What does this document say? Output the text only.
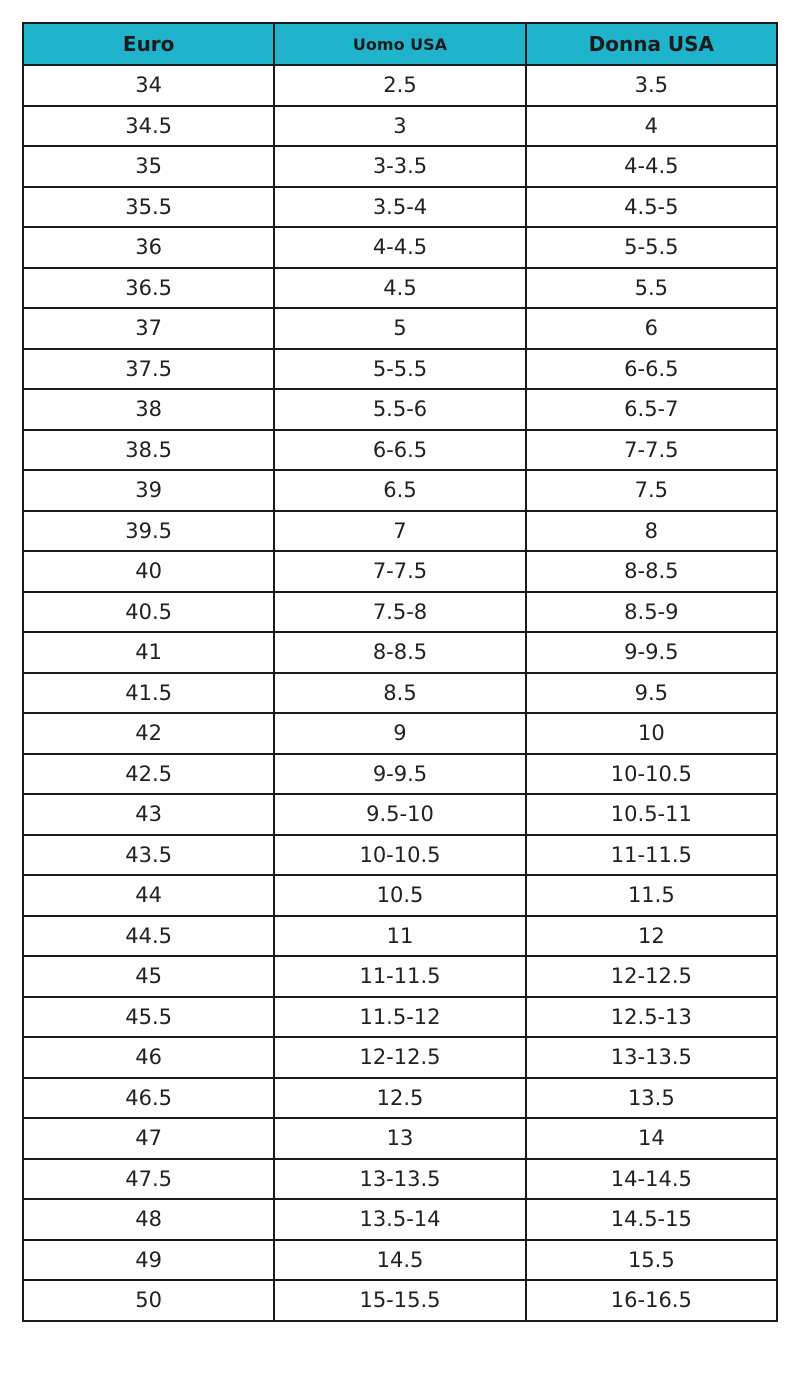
Euro	Uomo USA	Donna USA
34	2.5	3.5
34.5	3	4
35	3-3.5	4-4.5
35.5	3.5-4	4.5-5
36	4-4.5	5-5.5
36.5	4.5	5.5
37	5	6
37.5	5-5.5	6-6.5
38	5.5-6	6.5-7
38.5	6-6.5	7-7.5
39	6.5	7.5
39.5	7	8
40	7-7.5	8-8.5
40.5	7.5-8	8.5-9
41	8-8.5	9-9.5
41.5	8.5	9.5
42	9	10
42.5	9-9.5	10-10.5
43	9.5-10	10.5-11
43.5	10-10.5	11-11.5
44	10.5	11.5
44.5	11	12
45	11-11.5	12-12.5
45.5	11.5-12	12.5-13
46	12-12.5	13-13.5
46.5	12.5	13.5
47	13	14
47.5	13-13.5	14-14.5
48	13.5-14	14.5-15
49	14.5	15.5
50	15-15.5	16-16.5
